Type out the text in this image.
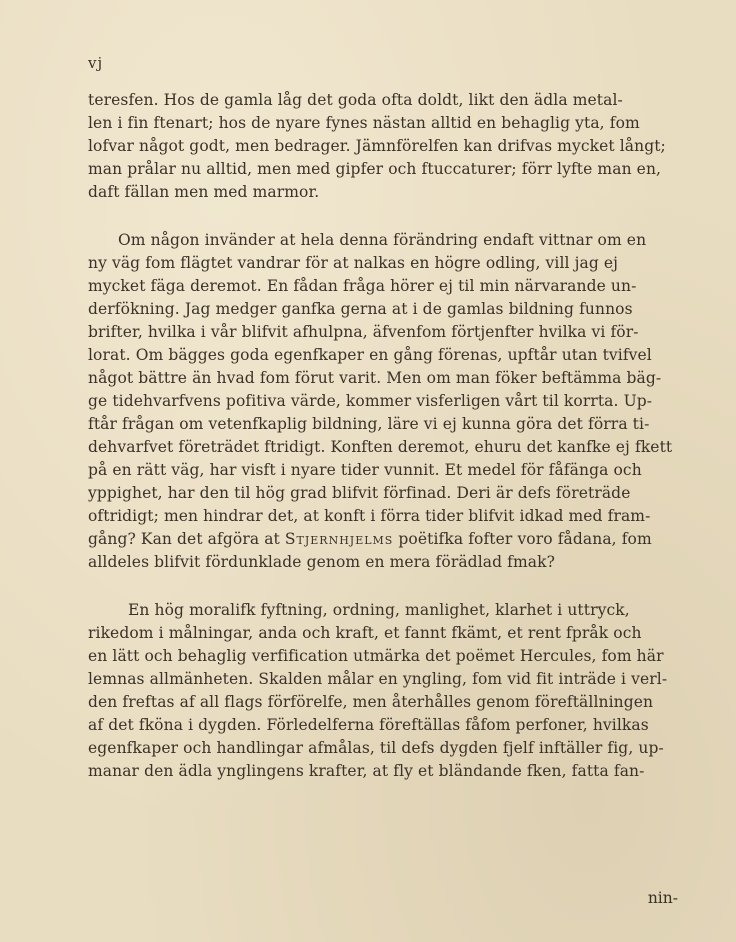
vj
teresfen. Hos de gamla låg det goda ofta doldt, likt den ädla metal-
len i fin ftenart; hos de nyare fynes nästan alltid en behaglig yta, fom
lofvar något godt, men bedrager. Jämnförelfen kan drifvas mycket långt;
man prålar nu alltid, men med gipfer och ftuccaturer; förr lyfte man en,
daft fällan men med marmor.
Om någon invänder at hela denna förändring endaft vittnar om en
ny väg fom flägtet vandrar för at nalkas en högre odling, vill jag ej
mycket fäga deremot. En fådan fråga hörer ej til min närvarande un-
derfökning. Jag medger ganfka gerna at i de gamlas bildning funnos
brifter, hvilka i vår blifvit afhulpna, äfvenfom förtjenfter hvilka vi för-
lorat. Om bägges goda egenfkaper en gång förenas, upftår utan tvifvel
något bättre än hvad fom förut varit. Men om man föker beftämma bäg-
ge tidehvarfvens pofitiva värde, kommer visferligen vårt til korrta. Up-
ftår frågan om vetenfkaplig bildning, läre vi ej kunna göra det förra ti-
dehvarfvet företrädet ftridigt. Konften deremot, ehuru det kanfke ej fkett
på en rätt väg, har visft i nyare tider vunnit. Et medel för fåfänga och
yppighet, har den til hög grad blifvit förfinad. Deri är defs företräde
oftridigt; men hindrar det, at konft i förra tider blifvit idkad med fram-
gång? Kan det afgöra at Stjernhjelms poëtifka fofter voro fådana, fom
alldeles blifvit fördunklade genom en mera förädlad fmak?
En hög moralifk fyftning, ordning, manlighet, klarhet i uttryck,
rikedom i målningar, anda och kraft, et fannt fkämt, et rent fpråk och
en lätt och behaglig verfification utmärka det poëmet Hercules, fom här
lemnas allmänheten. Skalden målar en yngling, fom vid fit inträde i verl-
den freftas af all flags förförelfe, men återhålles genom föreftällningen
af det fköna i dygden. Förledelferna föreftällas fåfom perfoner, hvilkas
egenfkaper och handlingar afmålas, til defs dygden fjelf inftäller fig, up-
manar den ädla ynglingens krafter, at fly et bländande fken, fatta fan-
nin-
